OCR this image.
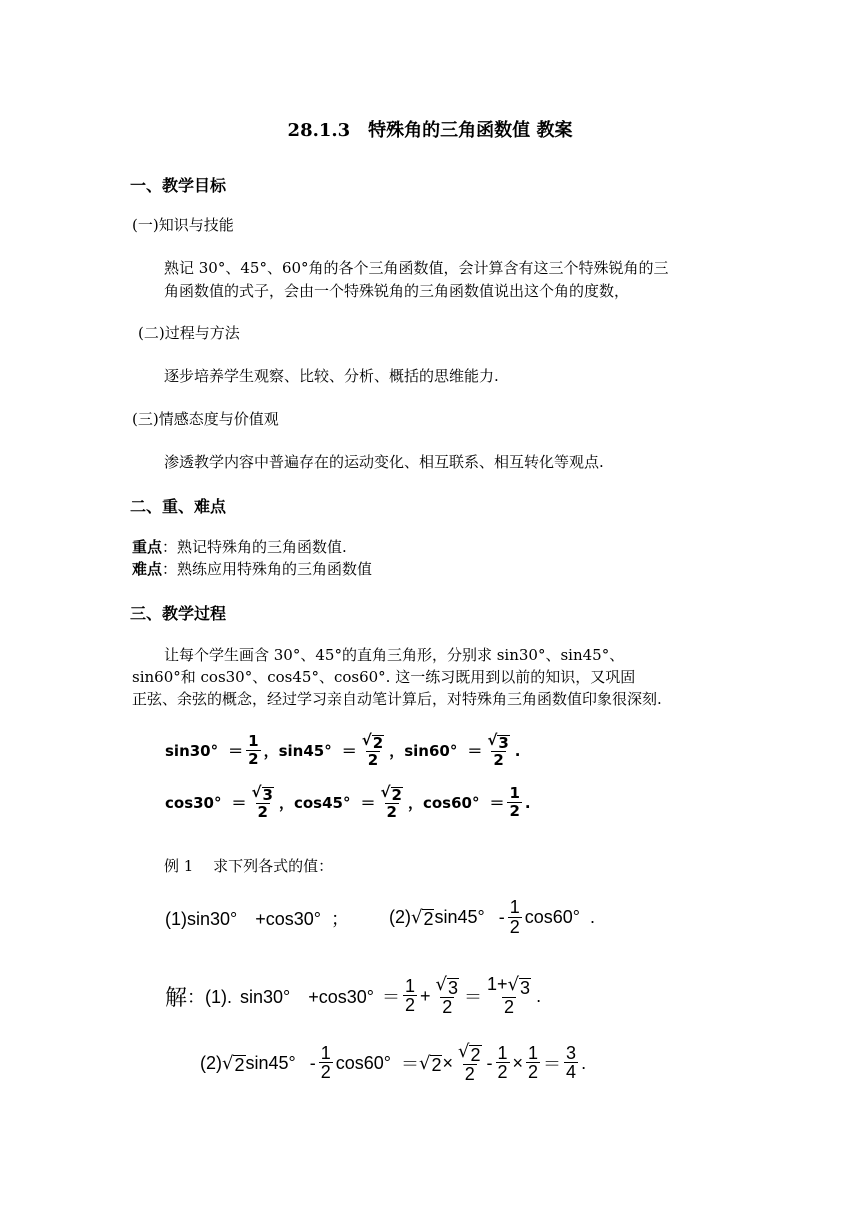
28.1.3　特殊角的三角函数值 教案
一、教学目标
(一)知识与技能
熟记 30°、45°、60°角的各个三角函数值，会计算含有这三个特殊锐角的三
角函数值的式子，会由一个特殊锐角的三角函数值说出这个角的度数，
(二)过程与方法
逐步培养学生观察、比较、分析、概括的思维能力.
(三)情感态度与价值观
渗透教学内容中普遍存在的运动变化、相互联系、相互转化等观点.
二、重、难点
重点：熟记特殊角的三角函数值.
难点：熟练应用特殊角的三角函数值
三、教学过程
让每个学生画含 30°、45°的直角三角形，分别求 sin30°、sin45°、
sin60°和 cos30°、cos45°、cos60°. 这一练习既用到以前的知识，又巩固
正弦、余弦的概念，经过学习亲自动笔计算后，对特殊角三角函数值印象很深刻.
$\sin 30^\circ = \frac{1}{2}$ ， $\sin 45^\circ = \frac{√ 2}{2}$ ， $\sin 60^\circ = \frac{√ 3}{2}$ .
$\cos 30^\circ = \frac{√ 3}{2}$ ， $\cos 45^\circ = \frac{√ 2}{2}$ ， $\cos 60^\circ = \frac{1}{2}$ .
例 1　 求下列各式的值：
(1)sin30°　+cos30° ； (2) √ 2 $\sin 45^\circ - \frac{1}{2} \cos 60^\circ$ .
解 ：(1). sin30°　$+\cos 30^\circ = \frac{1}{2} + \frac{√ 3}{2} = \frac{1+ √ 3}{2}$ .
(2) √ 2 $\sin 45^\circ - \frac{1}{2} \cos 60^\circ$ ＝ √ $2 \times \frac{√ 2}{2} - \frac{1}{2} \times \frac{1}{2} = \frac{3}{4}$ .
